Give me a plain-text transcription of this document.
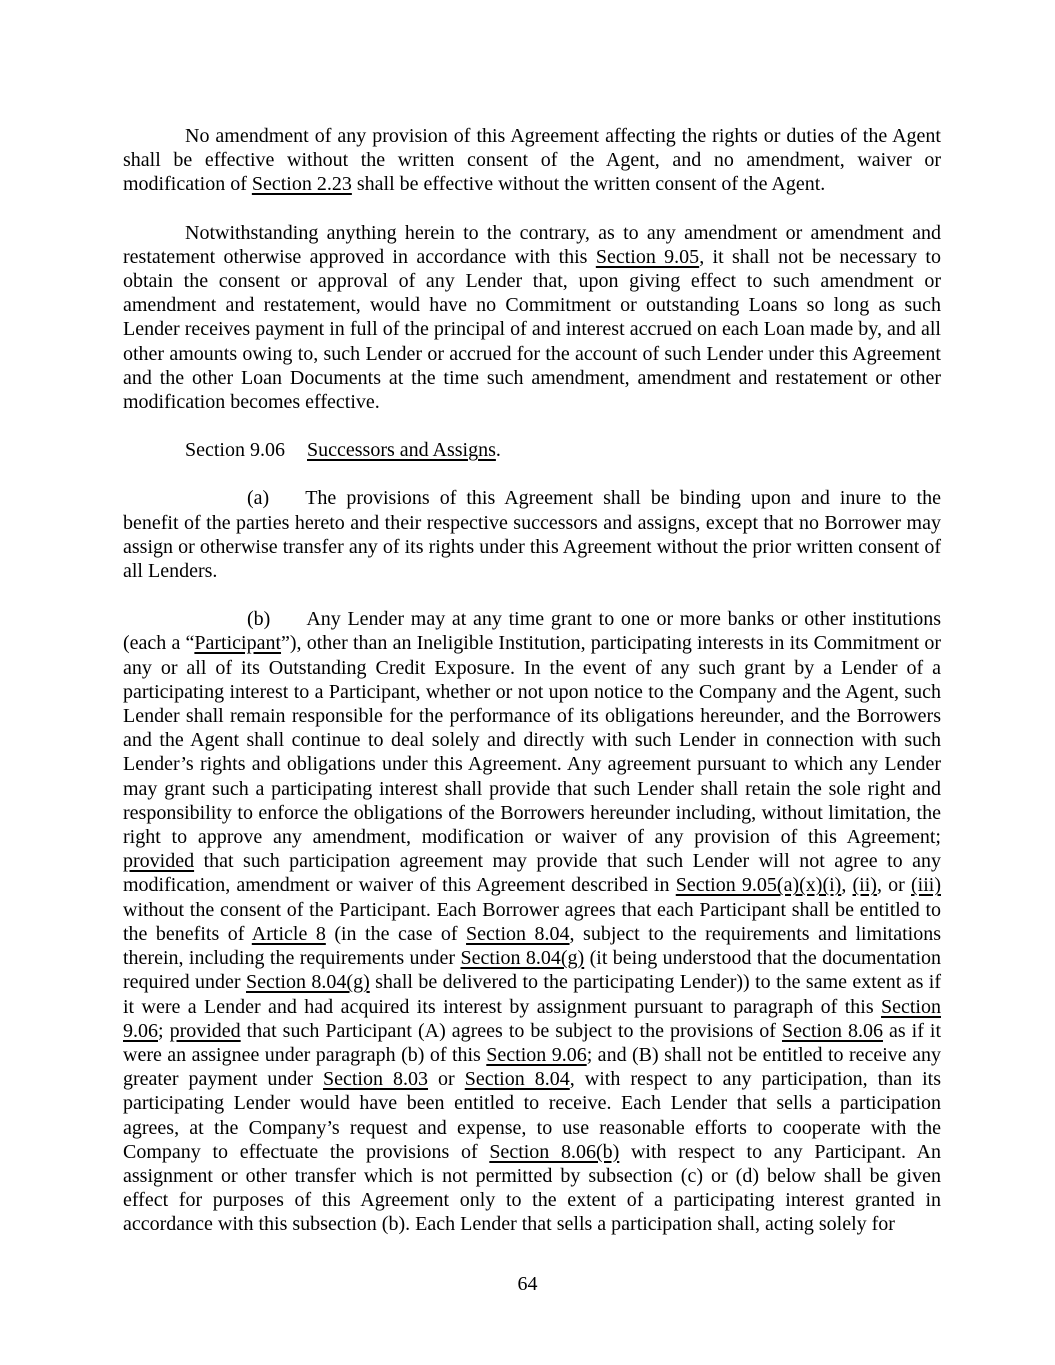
No amendment of any provision of this Agreement affecting the rights or duties of the Agent shall be effective without the written consent of the Agent, and no amendment, waiver or modification of Section 2.23 shall be effective without the written consent of the Agent.

Notwithstanding anything herein to the contrary, as to any amendment or amendment and restatement otherwise approved in accordance with this Section 9.05, it shall not be necessary to obtain the consent or approval of any Lender that, upon giving effect to such amendment or amendment and restatement, would have no Commitment or outstanding Loans so long as such Lender receives payment in full of the principal of and interest accrued on each Loan made by, and all other amounts owing to, such Lender or accrued for the account of such Lender under this Agreement and the other Loan Documents at the time such amendment, amendment and restatement or other modification becomes effective.

Section 9.06 Successors and Assigns.

(a) The provisions of this Agreement shall be binding upon and inure to the benefit of the parties hereto and their respective successors and assigns, except that no Borrower may assign or otherwise transfer any of its rights under this Agreement without the prior written consent of all Lenders.

(b) Any Lender may at any time grant to one or more banks or other institutions (each a “Participant”), other than an Ineligible Institution, participating interests in its Commitment or any or all of its Outstanding Credit Exposure. In the event of any such grant by a Lender of a participating interest to a Participant, whether or not upon notice to the Company and the Agent, such Lender shall remain responsible for the performance of its obligations hereunder, and the Borrowers and the Agent shall continue to deal solely and directly with such Lender in connection with such Lender’s rights and obligations under this Agreement. Any agreement pursuant to which any Lender may grant such a participating interest shall provide that such Lender shall retain the sole right and responsibility to enforce the obligations of the Borrowers hereunder including, without limitation, the right to approve any amendment, modification or waiver of any provision of this Agreement; provided that such participation agreement may provide that such Lender will not agree to any modification, amendment or waiver of this Agreement described in Section 9.05(a)(x)(i), (ii), or (iii) without the consent of the Participant. Each Borrower agrees that each Participant shall be entitled to the benefits of Article 8 (in the case of Section 8.04, subject to the requirements and limitations therein, including the requirements under Section 8.04(g) (it being understood that the documentation required under Section 8.04(g) shall be delivered to the participating Lender)) to the same extent as if it were a Lender and had acquired its interest by assignment pursuant to paragraph of this Section 9.06; provided that such Participant (A) agrees to be subject to the provisions of Section 8.06 as if it were an assignee under paragraph (b) of this Section 9.06; and (B) shall not be entitled to receive any greater payment under Section 8.03 or Section 8.04, with respect to any participation, than its participating Lender would have been entitled to receive. Each Lender that sells a participation agrees, at the Company’s request and expense, to use reasonable efforts to cooperate with the Company to effectuate the provisions of Section 8.06(b) with respect to any Participant. An assignment or other transfer which is not permitted by subsection (c) or (d) below shall be given effect for purposes of this Agreement only to the extent of a participating interest granted in accordance with this subsection (b). Each Lender that sells a participation shall, acting solely for

64
